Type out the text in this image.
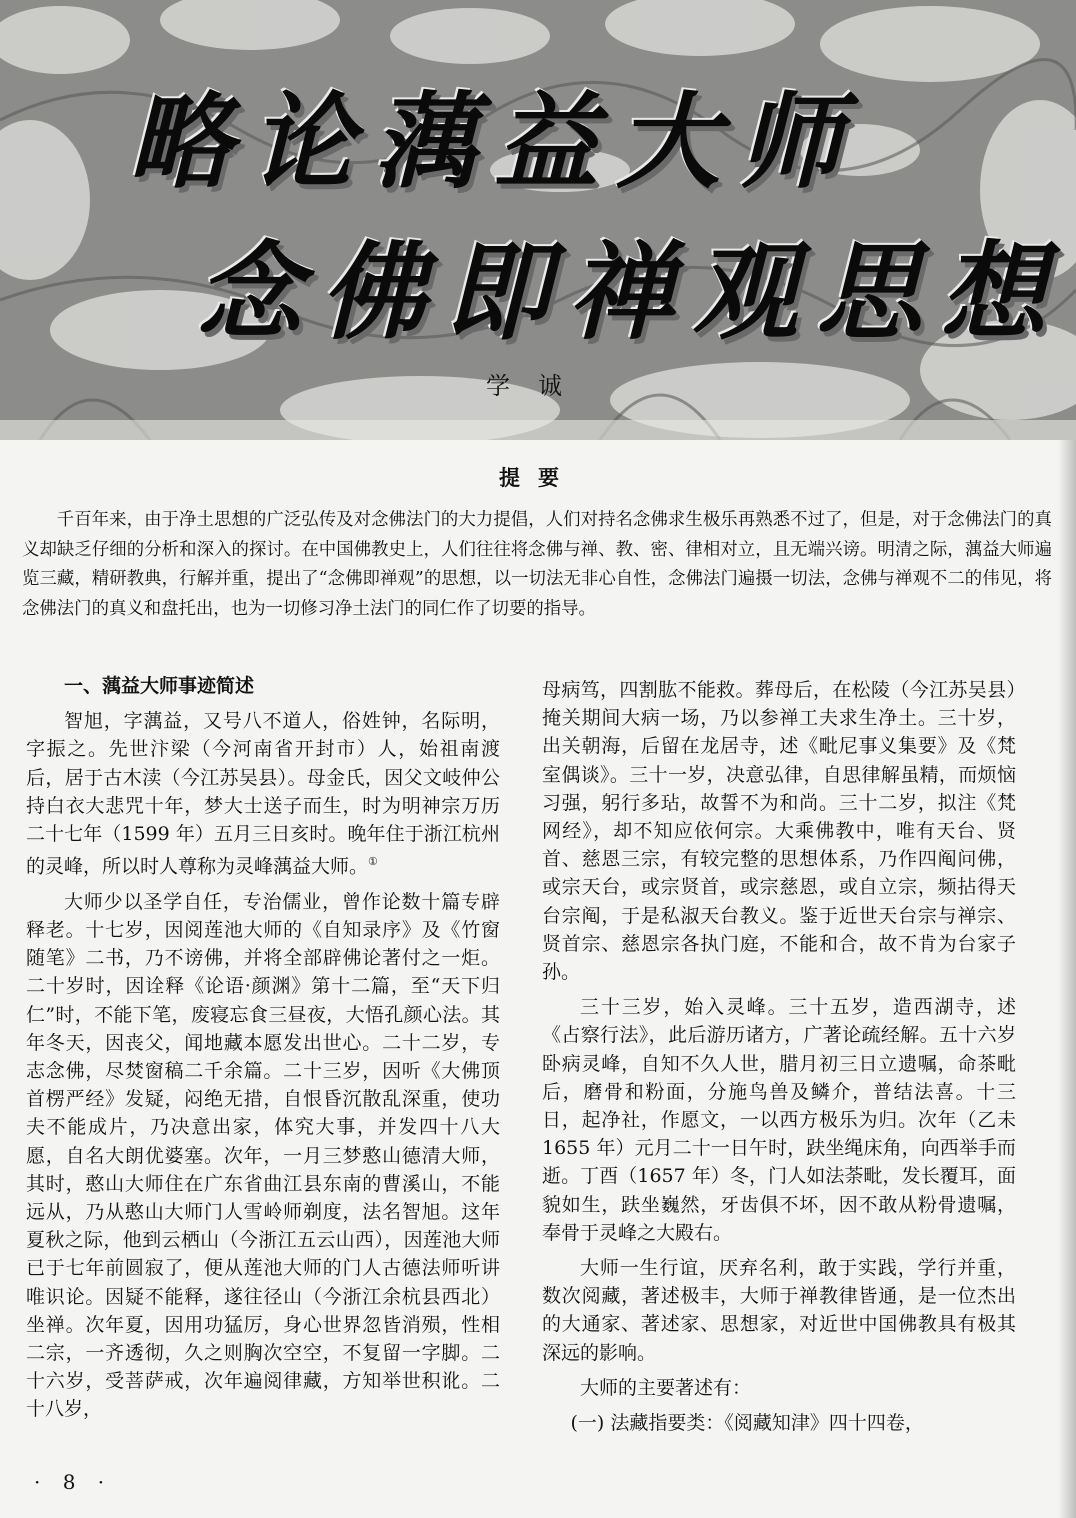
略论蕅益大师
念佛即禅观思想
学诚
提要

千百年来，由于净土思想的广泛弘传及对念佛法门的大力提倡，人们对持名念佛求生极乐再熟悉不过了，但是，对于念佛法门的真义却缺乏仔细的分析和深入的探讨。在中国佛教史上，人们往往将念佛与禅、教、密、律相对立，且无端兴谤。明清之际，蕅益大师遍览三藏，精研教典，行解并重，提出了“念佛即禅观”的思想，以一切法无非心自性，念佛法门遍摄一切法，念佛与禅观不二的伟见，将念佛法门的真义和盘托出，也为一切修习净土法门的同仁作了切要的指导。

一、蕅益大师事迹简述

智旭，字蕅益，又号八不道人，俗姓钟，名际明，字振之。先世汴梁（今河南省开封市）人，始祖南渡后，居于古木渎（今江苏吴县）。母金氏，因父文岐仲公持白衣大悲咒十年，梦大士送子而生，时为明神宗万历二十七年（1599 年）五月三日亥时。晚年住于浙江杭州的灵峰，所以时人尊称为灵峰蕅益大师。①

大师少以圣学自任，专治儒业，曾作论数十篇专辟释老。十七岁，因阅莲池大师的《自知录序》及《竹窗随笔》二书，乃不谤佛，并将全部辟佛论著付之一炬。二十岁时，因诠释《论语·颜渊》第十二篇，至“天下归仁”时，不能下笔，废寝忘食三昼夜，大悟孔颜心法。其年冬天，因丧父，闻地藏本愿发出世心。二十二岁，专志念佛，尽焚窗稿二千余篇。二十三岁，因听《大佛顶首楞严经》发疑，闷绝无措，自恨昏沉散乱深重，使功夫不能成片，乃决意出家，体究大事，并发四十八大愿，自名大朗优婆塞。次年，一月三梦憨山德清大师，其时，憨山大师住在广东省曲江县东南的曹溪山，不能远从，乃从憨山大师门人雪岭师剃度，法名智旭。这年夏秋之际，他到云栖山（今浙江五云山西），因莲池大师已于七年前圆寂了，便从莲池大师的门人古德法师听讲唯识论。因疑不能释，遂往径山（今浙江余杭县西北）坐禅。次年夏，因用功猛厉，身心世界忽皆消殒，性相二宗，一齐透彻，久之则胸次空空，不复留一字脚。二十六岁，受菩萨戒，次年遍阅律藏，方知举世积讹。二十八岁，

母病笃，四割肱不能救。葬母后，在松陵（今江苏吴县）掩关期间大病一场，乃以参禅工夫求生净土。三十岁，出关朝海，后留在龙居寺，述《毗尼事义集要》及《梵室偶谈》。三十一岁，决意弘律，自思律解虽精，而烦恼习强，躬行多玷，故誓不为和尚。三十二岁，拟注《梵网经》，却不知应依何宗。大乘佛教中，唯有天台、贤首、慈恩三宗，有较完整的思想体系，乃作四阄问佛，或宗天台，或宗贤首，或宗慈恩，或自立宗，频拈得天台宗阄，于是私淑天台教义。鉴于近世天台宗与禅宗、贤首宗、慈恩宗各执门庭，不能和合，故不肯为台家子孙。

三十三岁，始入灵峰。三十五岁，造西湖寺，述《占察行法》，此后游历诸方，广著论疏经解。五十六岁卧病灵峰，自知不久人世，腊月初三日立遗嘱，命茶毗后，磨骨和粉面，分施鸟兽及鳞介，普结法喜。十三日，起净社，作愿文，一以西方极乐为归。次年（乙未 1655 年）元月二十一日午时，趺坐绳床角，向西举手而逝。丁酉（1657 年）冬，门人如法荼毗，发长覆耳，面貌如生，趺坐巍然，牙齿俱不坏，因不敢从粉骨遗嘱，奉骨于灵峰之大殿右。

大师一生行谊，厌弃名利，敢于实践，学行并重，数次阅藏，著述极丰，大师于禅教律皆通，是一位杰出的大通家、著述家、思想家，对近世中国佛教具有极其深远的影响。

大师的主要著述有：

(一) 法藏指要类：《阅藏知津》四十四卷，

· 8 ·
